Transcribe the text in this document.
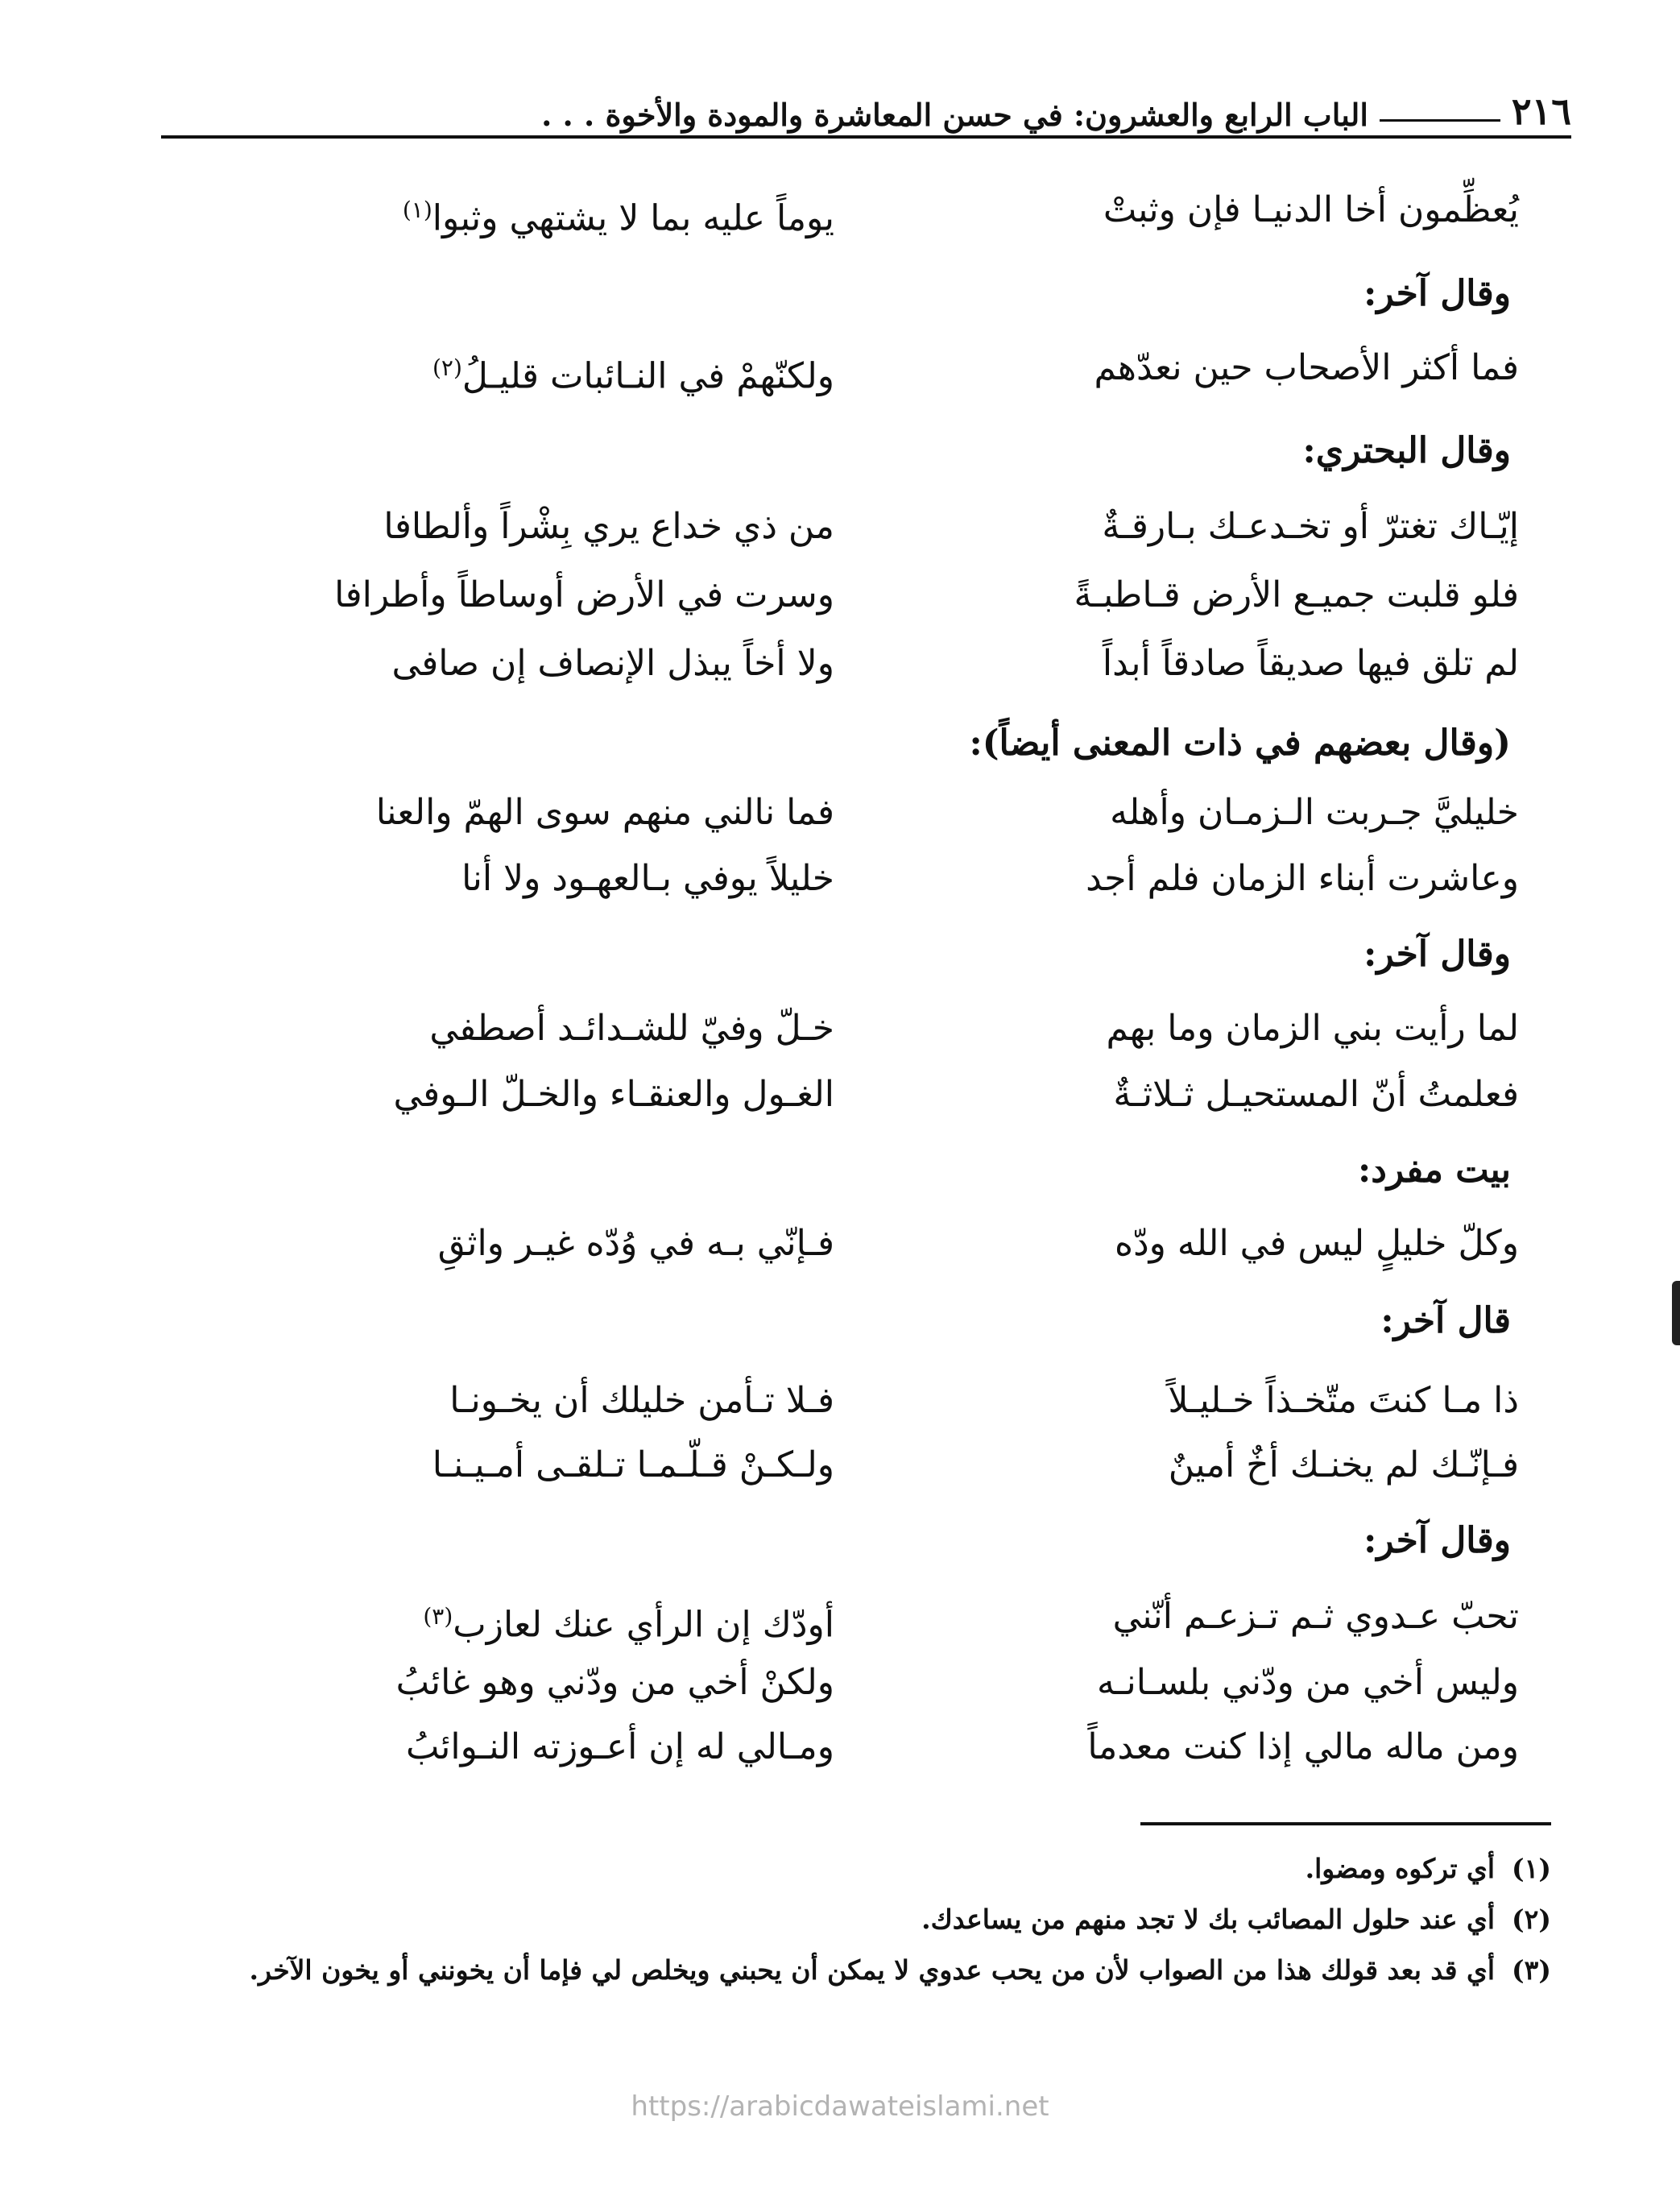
٢١٦
الباب الرابع والعشرون: في حسن المعاشرة والمودة والأخوة . . .
يُعظِّمون أخا الدنيـا فإن وثبتْ
يوماً عليه بما لا يشتهي وثبوا$^{(١)}$
وقال آخر:
فما أكثر الأصحاب حين نعدّهم
ولكنّهمْ في النـائبات قليـلُ$^{(٢)}$
وقال البحتري:
إيّـاك تغترّ أو تخـدعـك بـارقـةٌ
من ذي خداع يري بِشْراً وألطافا
فلو قلبت جميـع الأرض قـاطبـةً
وسرت في الأرض أوساطاً وأطرافا
لم تلق فيها صديقاً صادقاً أبداً
ولا أخاً يبذل الإنصاف إن صافى
(وقال بعضهم في ذات المعنى أيضاً):
خليليَّ جـربت الـزمـان وأهله
فما نالني منهم سوى الهمّ والعنا
وعاشرت أبناء الزمان فلم أجد
خليلاً يوفي بـالعهـود ولا أنا
وقال آخر:
لما رأيت بني الزمان وما بهم
خـلّ وفيّ للشـدائـد أصطفي
فعلمتُ أنّ المستحيـل ثـلاثـةٌ
الغـول والعنقـاء والخـلّ الـوفي
بيت مفرد:
وكلّ خليلٍ ليس في الله ودّه
فـإنّي بـه في وُدّه غيـر واثقِ
قال آخر:
ذا مـا كنتَ متّخـذاً خـليـلاً
فـلا تـأمن خليلك أن يخـونـا
فـإنّـك لم يخنـك أخٌ أمينٌ
ولـكـنْ قـلّـمـا تـلقـى أمـيـنـا
وقال آخر:
تحبّ عـدوي ثـم تـزعـم أنّني
أودّك إن الرأي عنك لعازب$^{(٣)}$
وليس أخي من ودّني بلسـانـه
ولكنْ أخي من ودّني وهو غائبُ
ومن ماله مالي إذا كنت معدماً
ومـالي له إن أعـوزته النـوائبُ
(١)أي تركوه ومضوا.
(٢)أي عند حلول المصائب بك لا تجد منهم من يساعدك.
(٣)أي قد بعد قولك هذا من الصواب لأن من يحب عدوي لا يمكن أن يحبني ويخلص لي فإما أن يخونني أو يخون الآخر.
https://arabicdawateislami.net
